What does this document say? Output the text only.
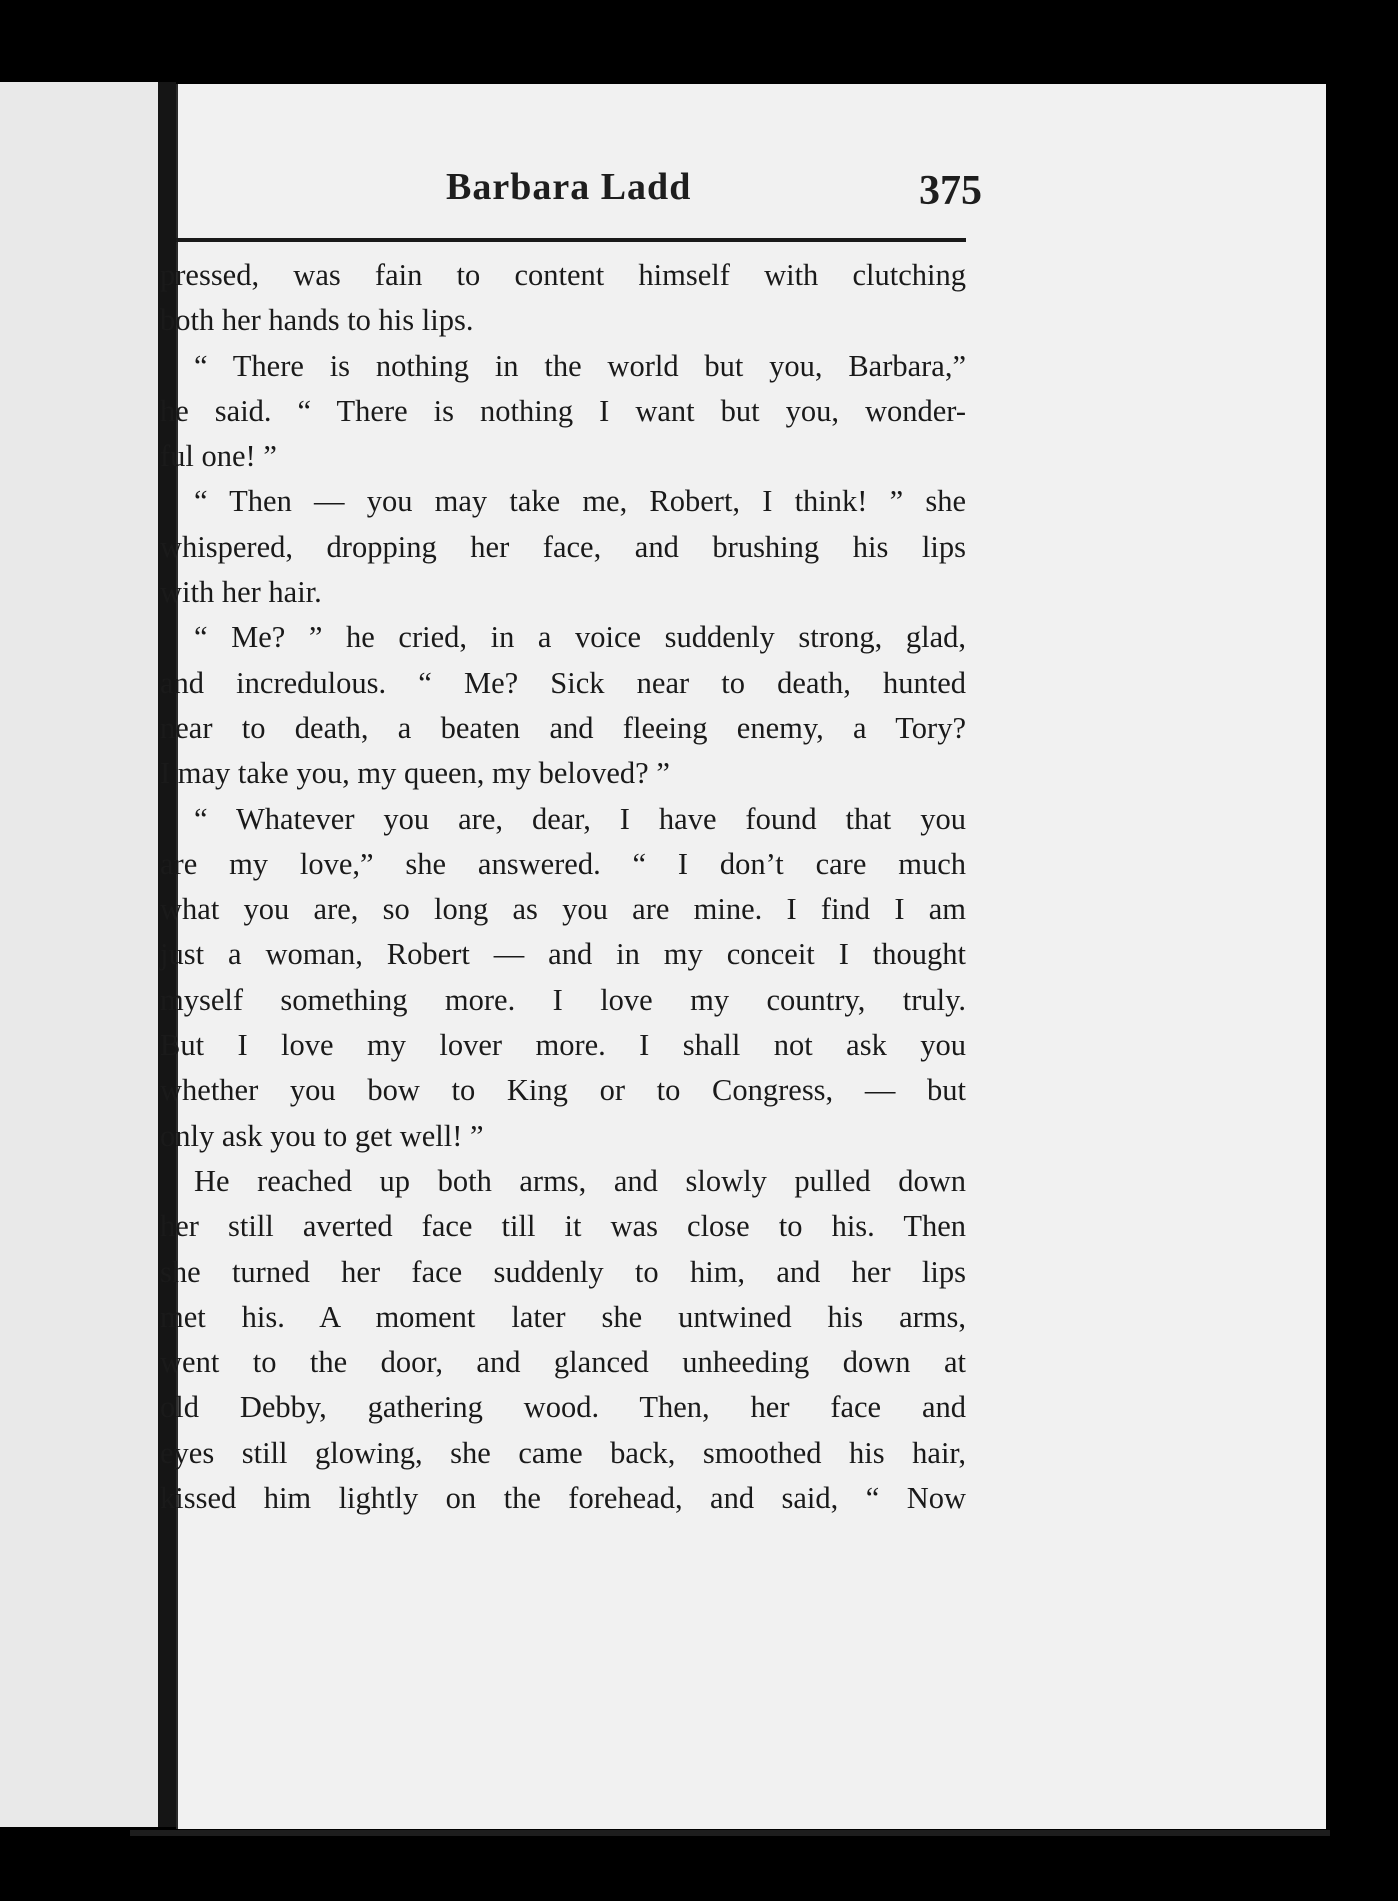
Barbara Ladd	375
pressed, was fain to content himself with clutching
both her hands to his lips.
“ There is nothing in the world but you, Barbara,”
he said. “ There is nothing I want but you, wonder-
ful one! ”
“ Then — you may take me, Robert, I think! ” she
whispered, dropping her face, and brushing his lips
with her hair.
“ Me? ” he cried, in a voice suddenly strong, glad,
and incredulous. “ Me? Sick near to death, hunted
near to death, a beaten and fleeing enemy, a Tory?
I may take you, my queen, my beloved? ”
“ Whatever you are, dear, I have found that you
are my love,” she answered. “ I don’t care much
what you are, so long as you are mine. I find I am
just a woman, Robert — and in my conceit I thought
myself something more. I love my country, truly.
But I love my lover more. I shall not ask you
whether you bow to King or to Congress, — but
only ask you to get well! ”
He reached up both arms, and slowly pulled down
her still averted face till it was close to his. Then
she turned her face suddenly to him, and her lips
met his. A moment later she untwined his arms,
went to the door, and glanced unheeding down at
old Debby, gathering wood. Then, her face and
eyes still glowing, she came back, smoothed his hair,
kissed him lightly on the forehead, and said, “ Now
